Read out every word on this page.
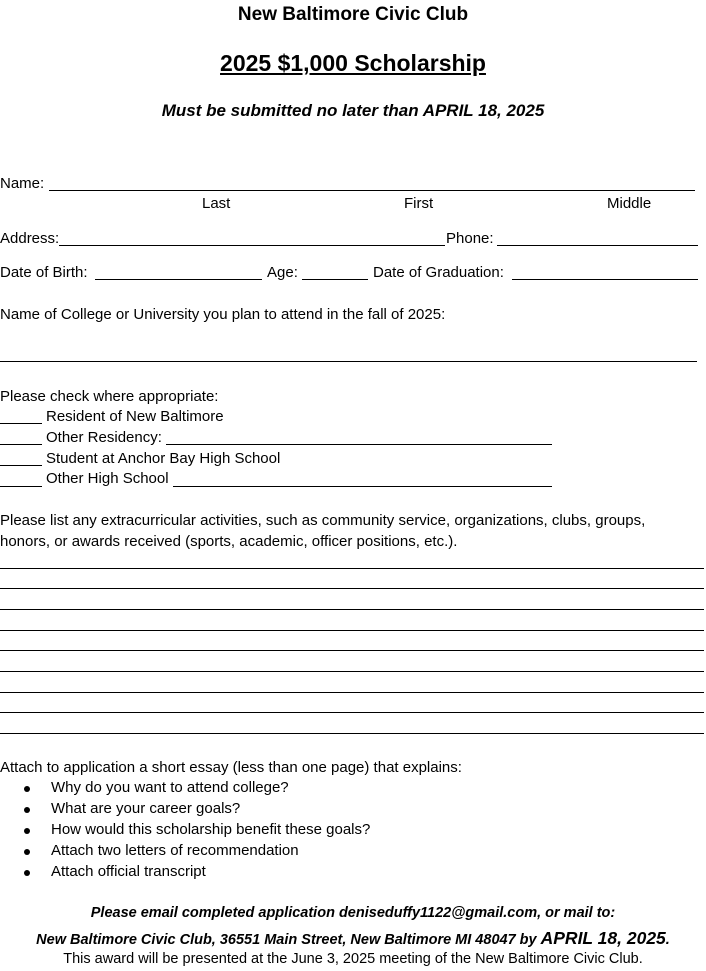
New Baltimore Civic Club
2025 $1,000 Scholarship
Must be submitted no later than APRIL 18, 2025
Name:
Last	First	Middle
Address:	Phone:
Date of Birth:	Age:	Date of Graduation:
Name of College or University you plan to attend in the fall of 2025:
Please check where appropriate:
Resident of New Baltimore
Other Residency:
Student at Anchor Bay High School
Other High School
Please list any extracurricular activities, such as community service, organizations, clubs, groups,
honors, or awards received (sports, academic, officer positions, etc.).
Attach to application a short essay (less than one page) that explains:
Why do you want to attend college?
What are your career goals?
How would this scholarship benefit these goals?
Attach two letters of recommendation
Attach official transcript
Please email completed application deniseduffy1122@gmail.com, or mail to:
New Baltimore Civic Club, 36551 Main Street, New Baltimore MI 48047 by APRIL 18, 2025.
This award will be presented at the June 3, 2025 meeting of the New Baltimore Civic Club.
